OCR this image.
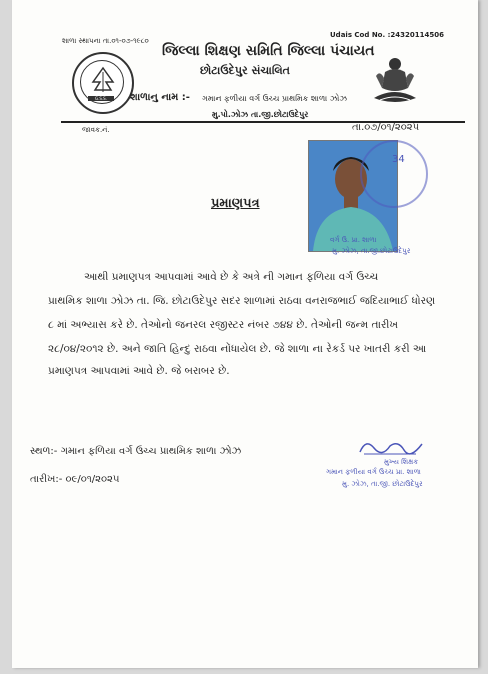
શાળા સ્થાપના તા.૦૧-૦૭-૧૯૮૦
Udais Cod No. :24320114506
જિલ્લા શિક્ષણ સમિતિ જિલ્લા પંચાયત
છોટાઉદેપુર સંચાલિત
G.S.S.	શાળાનુ નામ :- ગમાન ફળીયા વર્ગ ઉચ્ચ પ્રાથમિક શાળા ઝોઝ
મુ.પો.ઝોઝ તા.જી.છોટાઉદેપુર
જાવક.નં.	તા.૦૭/૦૧/૨૦૨૫
34
વર્ગ ઉ. પ્રા. શાળા
મુ. ઝોઝ, તા.જી.છોટાઉદેપુર
પ્રમાણપત્ર
આથી પ્રમાણપત્ર આપવામાં આવે છે કે અત્રે ની ગમાન ફળિયા વર્ગ ઉચ્ચ
પ્રાથમિક શાળા ઝોઝ તા. જિ. છોટાઉદેપુર સદર શાળામાં રાઠવા વનરાજભાઈ જદિયાભાઈ ધોરણ
૮ માં અભ્યાસ કરે છે. તેઓનો જનરલ રજીસ્ટર નંબર ૭૪૪ છે. તેઓની જન્મ તારીખ
૨૮/૦૪/૨૦૧૨ છે. અને જાતિ હિન્દુ રાઠવા નોંધાયેલ છે. જે શાળા ના રેકર્ડ પર ખાતરી કરી આ
પ્રમાણપત્ર આપવામાં આવે છે. જે બરાબર છે.
સ્થળ:- ગમાન ફળિયા વર્ગ ઉચ્ચ પ્રાથમિક શાળા ઝોઝ
તારીખ:- ૦૯/૦૧/૨૦૨૫
મુખ્ય શિક્ષક
ગમાન ફળીયા વર્ગ ઉચ્ચ પ્રા. શાળા
મુ. ઝોઝ, તા.જી. છોટાઉદેપુર
